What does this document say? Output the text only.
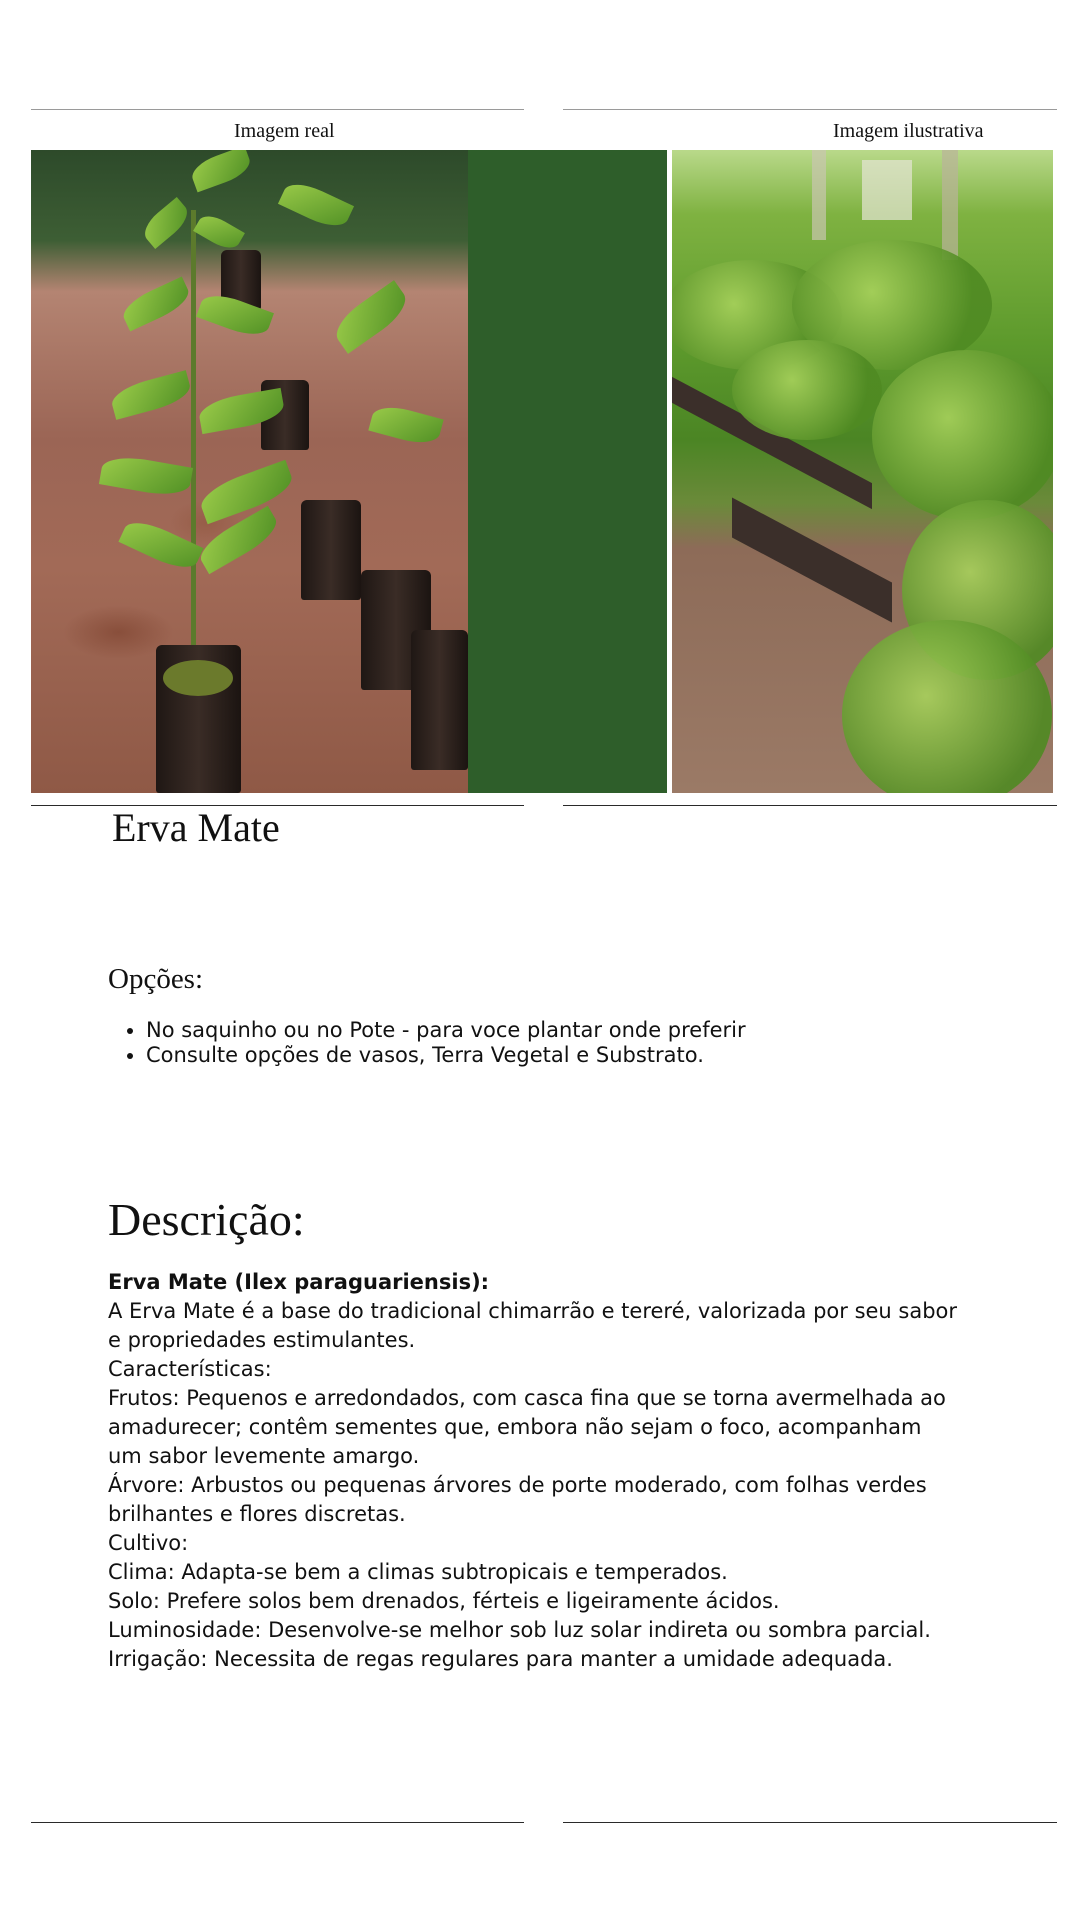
Imagem real	Imagem ilustrativa
Erva Mate
Opções:
• No saquinho ou no Pote - para voce plantar onde preferir
• Consulte opções de vasos, Terra Vegetal e Substrato.
Descrição:

Erva Mate (Ilex paraguariensis):

A Erva Mate é a base do tradicional chimarrão e tereré, valorizada por seu sabor e propriedades estimulantes.

Características:

Frutos: Pequenos e arredondados, com casca fina que se torna avermelhada ao amadurecer; contêm sementes que, embora não sejam o foco, acompanham um sabor levemente amargo.

Árvore: Arbustos ou pequenas árvores de porte moderado, com folhas verdes brilhantes e flores discretas.

Cultivo:

Clima: Adapta-se bem a climas subtropicais e temperados.

Solo: Prefere solos bem drenados, férteis e ligeiramente ácidos.

Luminosidade: Desenvolve-se melhor sob luz solar indireta ou sombra parcial.

Irrigação: Necessita de regas regulares para manter a umidade adequada.
